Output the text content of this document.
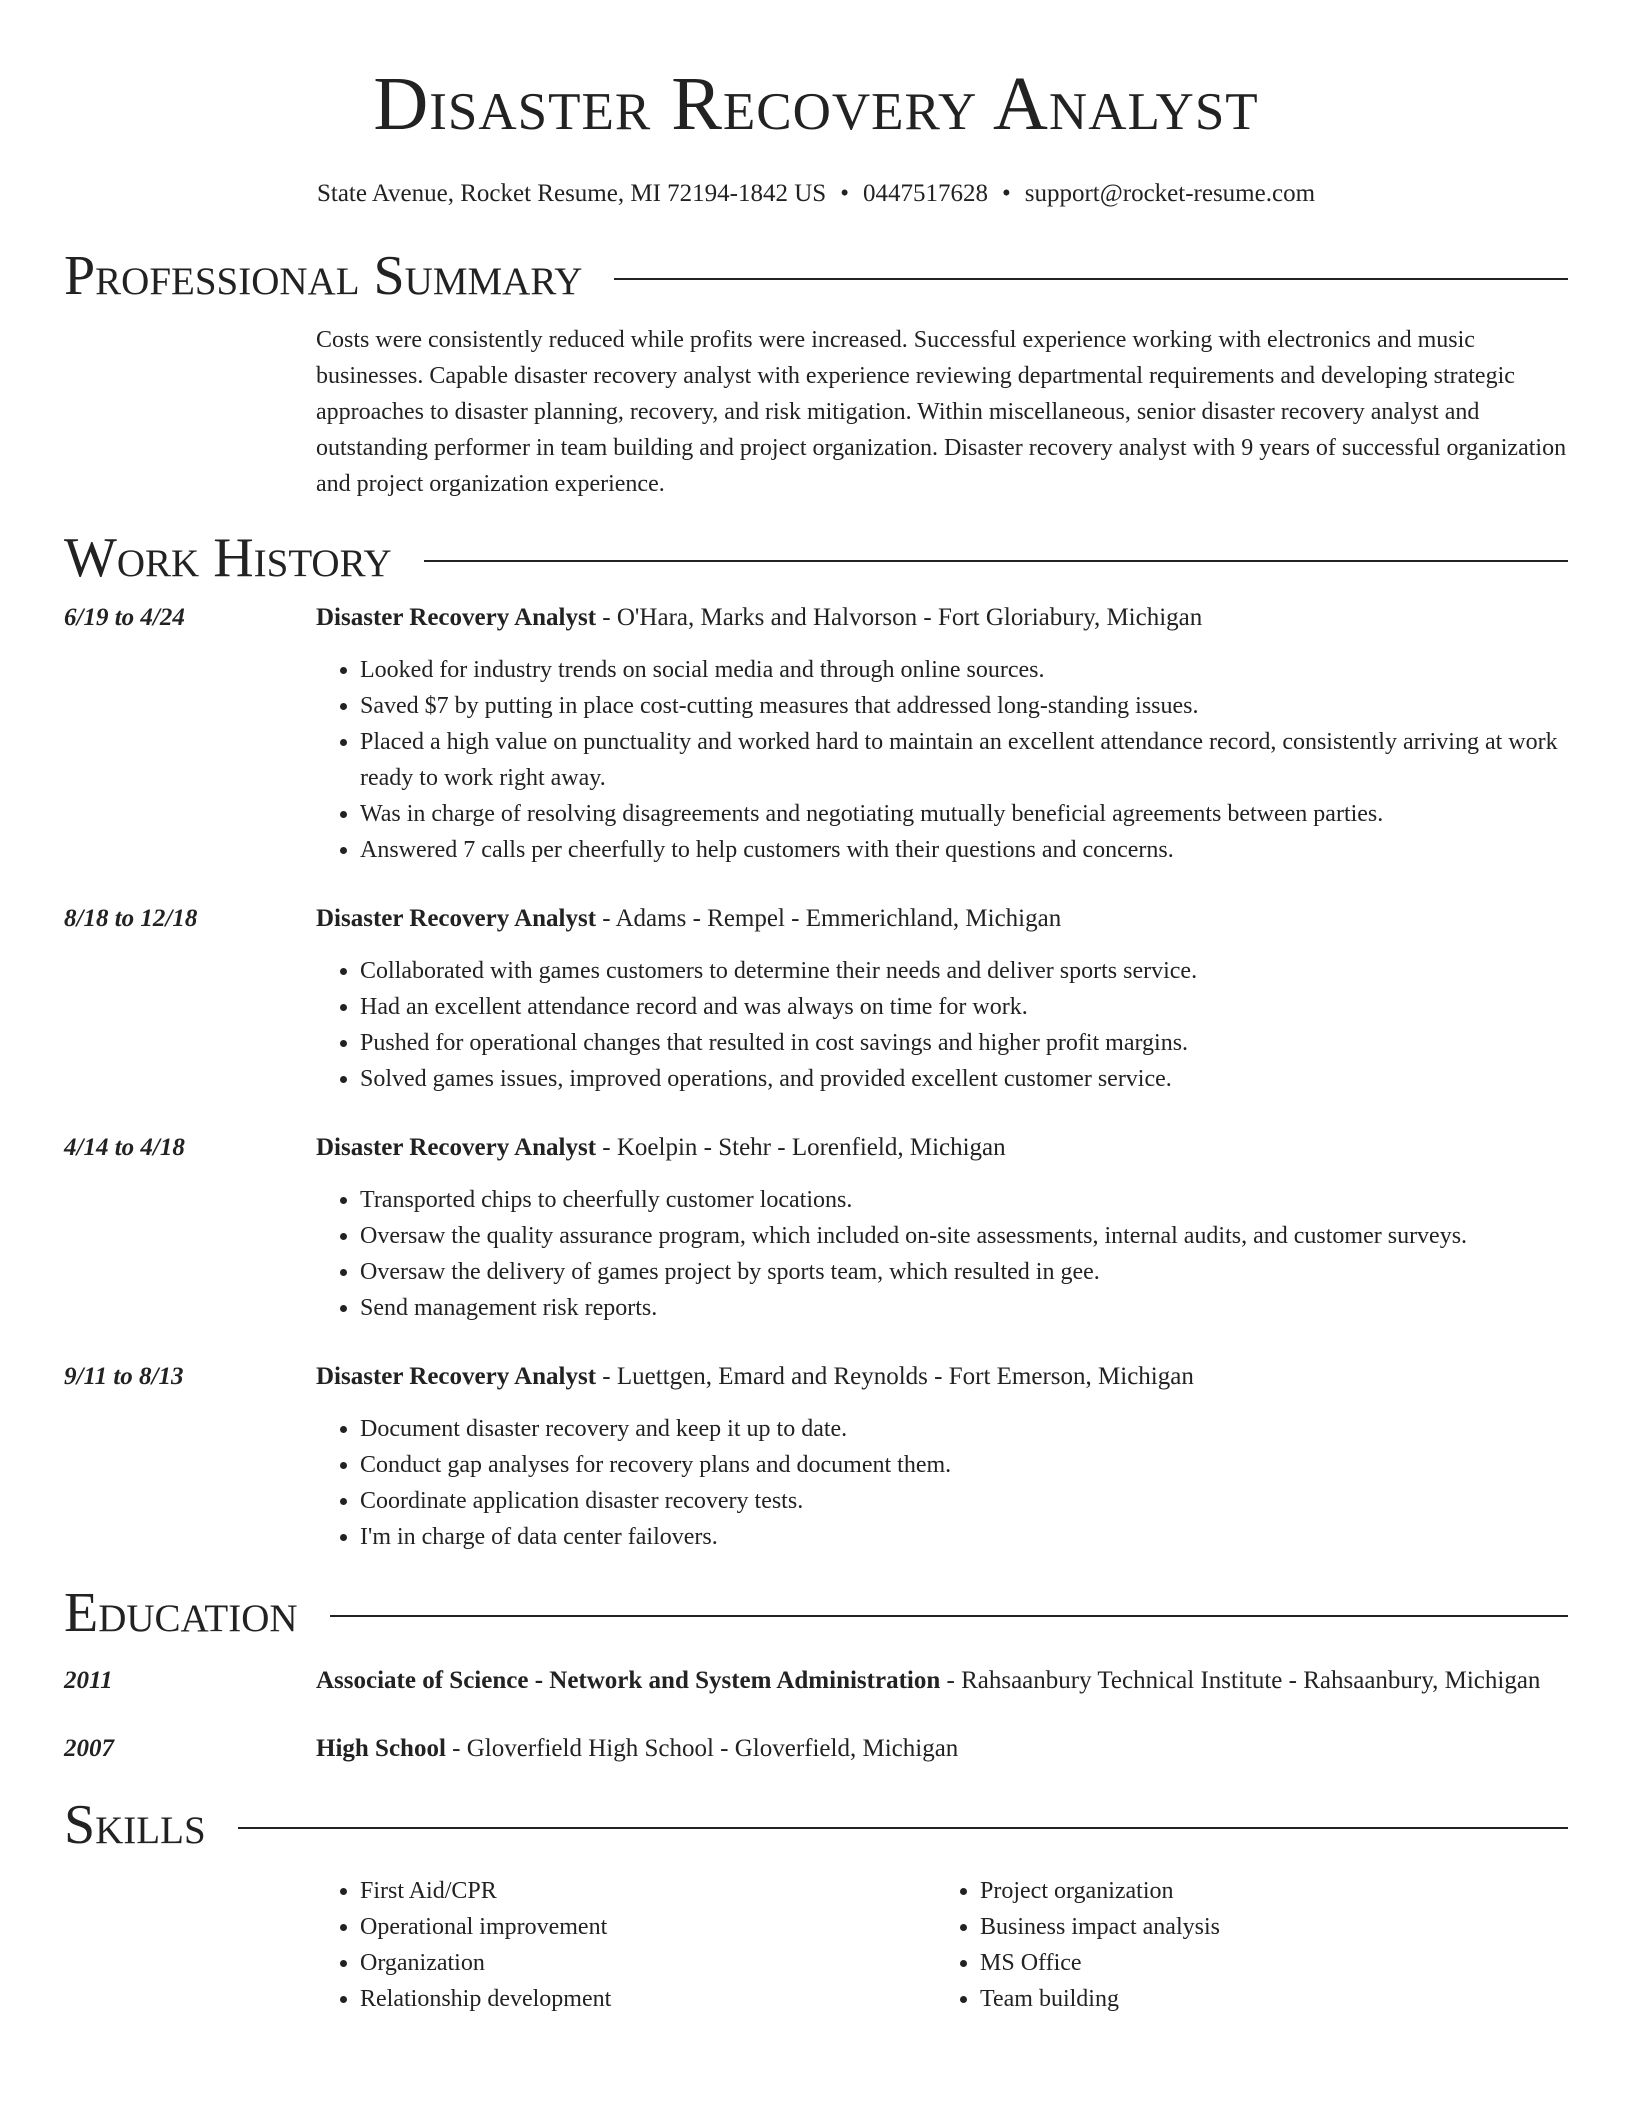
Disaster Recovery Analyst
State Avenue, Rocket Resume, MI 72194-1842 US • 0447517628 • support@rocket-resume.com
Professional Summary
Costs were consistently reduced while profits were increased. Successful experience working with electronics and music businesses. Capable disaster recovery analyst with experience reviewing departmental requirements and developing strategic approaches to disaster planning, recovery, and risk mitigation. Within miscellaneous, senior disaster recovery analyst and outstanding performer in team building and project organization. Disaster recovery analyst with 9 years of successful organization and project organization experience.
Work History
6/19 to 4/24	Disaster Recovery Analyst - O'Hara, Marks and Halvorson - Fort Gloriabury, Michigan
• Looked for industry trends on social media and through online sources.
• Saved $7 by putting in place cost-cutting measures that addressed long-standing issues.
• Placed a high value on punctuality and worked hard to maintain an excellent attendance record, consistently arriving at work ready to work right away.
• Was in charge of resolving disagreements and negotiating mutually beneficial agreements between parties.
• Answered 7 calls per cheerfully to help customers with their questions and concerns.
8/18 to 12/18	Disaster Recovery Analyst - Adams - Rempel - Emmerichland, Michigan
• Collaborated with games customers to determine their needs and deliver sports service.
• Had an excellent attendance record and was always on time for work.
• Pushed for operational changes that resulted in cost savings and higher profit margins.
• Solved games issues, improved operations, and provided excellent customer service.
4/14 to 4/18	Disaster Recovery Analyst - Koelpin - Stehr - Lorenfield, Michigan
• Transported chips to cheerfully customer locations.
• Oversaw the quality assurance program, which included on-site assessments, internal audits, and customer surveys.
• Oversaw the delivery of games project by sports team, which resulted in gee.
• Send management risk reports.
9/11 to 8/13	Disaster Recovery Analyst - Luettgen, Emard and Reynolds - Fort Emerson, Michigan
• Document disaster recovery and keep it up to date.
• Conduct gap analyses for recovery plans and document them.
• Coordinate application disaster recovery tests.
• I'm in charge of data center failovers.
Education
2011	Associate of Science - Network and System Administration - Rahsaanbury Technical Institute - Rahsaanbury, Michigan
2007	High School - Gloverfield High School - Gloverfield, Michigan
Skills
• First Aid/CPR
• Operational improvement
• Organization
• Relationship development
• Project organization
• Business impact analysis
• MS Office
• Team building
